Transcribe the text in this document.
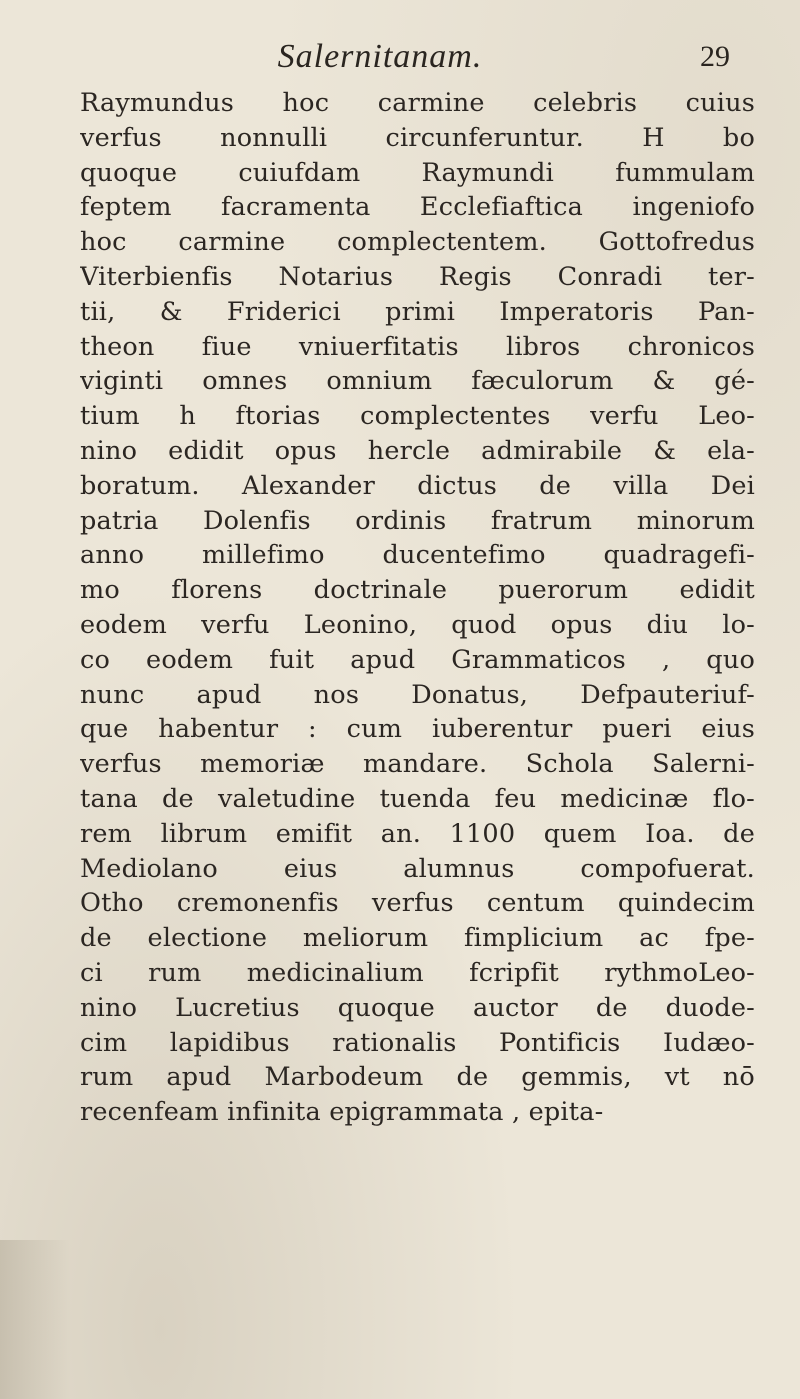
Salernitanam.	29
Raymundus hoc carmine celebris cuius
verfus nonnulli circunferuntur. H bo
quoque cuiufdam Raymundi fummulam
feptem facramenta Ecclefiaftica ingeniofo
hoc carmine complectentem. Gottofredus
Viterbienfis Notarius Regis Conradi ter-
tii, & Friderici primi Imperatoris Pan-
theon fiue vniuerfitatis libros chronicos
viginti omnes omnium fæculorum & gé-
tium h ftorias complectentes verfu Leo-
nino edidit opus hercle admirabile & ela-
boratum. Alexander dictus de villa Dei
patria Dolenfis ordinis fratrum minorum
anno millefimo ducentefimo quadragefi-
mo florens doctrinale puerorum edidit
eodem verfu Leonino, quod opus diu lo-
co eodem fuit apud Grammaticos , quo
nunc apud nos Donatus, Defpauteriuf-
que habentur : cum iuberentur pueri eius
verfus memoriæ mandare. Schola Salerni-
tana de valetudine tuenda feu medicinæ flo-
rem librum emifit an. 1100 quem Ioa. de
Mediolano eius alumnus compofuerat.
Otho cremonenfis verfus centum quindecim
de electione meliorum fimplicium ac fpe-
ci rum medicinalium fcripfit rythmoLeo-
nino Lucretius quoque auctor de duode-
cim lapidibus rationalis Pontificis Iudæo-
rum apud Marbodeum de gemmis, vt nō
recenfeam infinita epigrammata , epita-
